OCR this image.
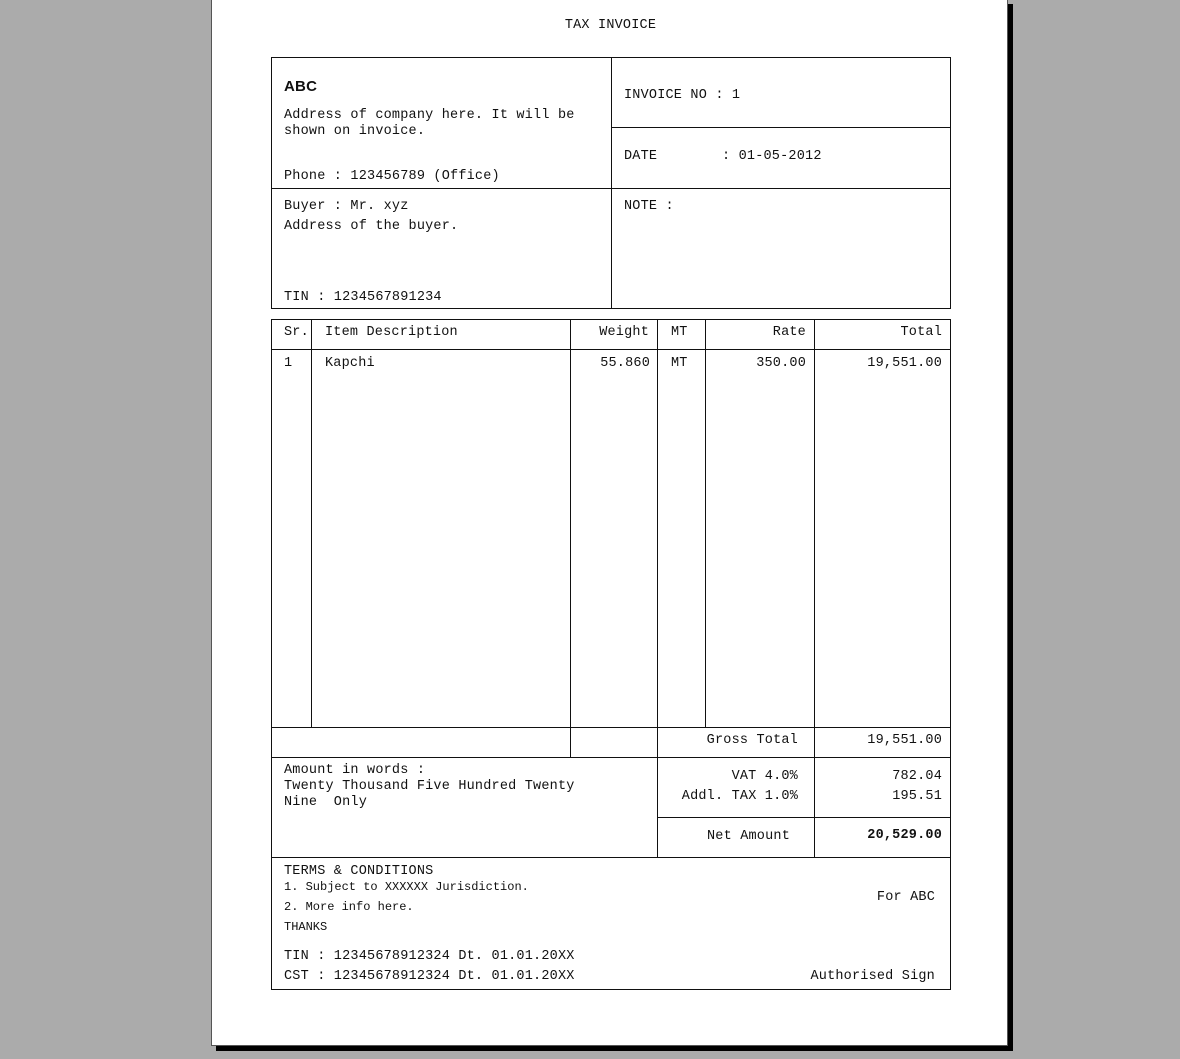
TAX INVOICE
ABC
Address of company here. It will be
shown on invoice.
Phone : 123456789 (Office)
INVOICE NO : 1
DATE	: 01-05-2012
Buyer : Mr. xyz
Address of the buyer.
TIN : 1234567891234
NOTE :
Sr. Item Description	Weight MT	Rate	Total
1 Kapchi	55.860 MT	350.00	19,551.00
Gross Total	19,551.00
VAT 4.0%	782.04
Addl. TAX 1.0%	195.51
Net Amount	20,529.00
Amount in words :
Twenty Thousand Five Hundred Twenty
Nine  Only
TERMS & CONDITIONS
1. Subject to XXXXXX Jurisdiction.
2. More info here.
THANKS
TIN : 12345678912324 Dt. 01.01.20XX
CST : 12345678912324 Dt. 01.01.20XX
For ABC
Authorised Sign
